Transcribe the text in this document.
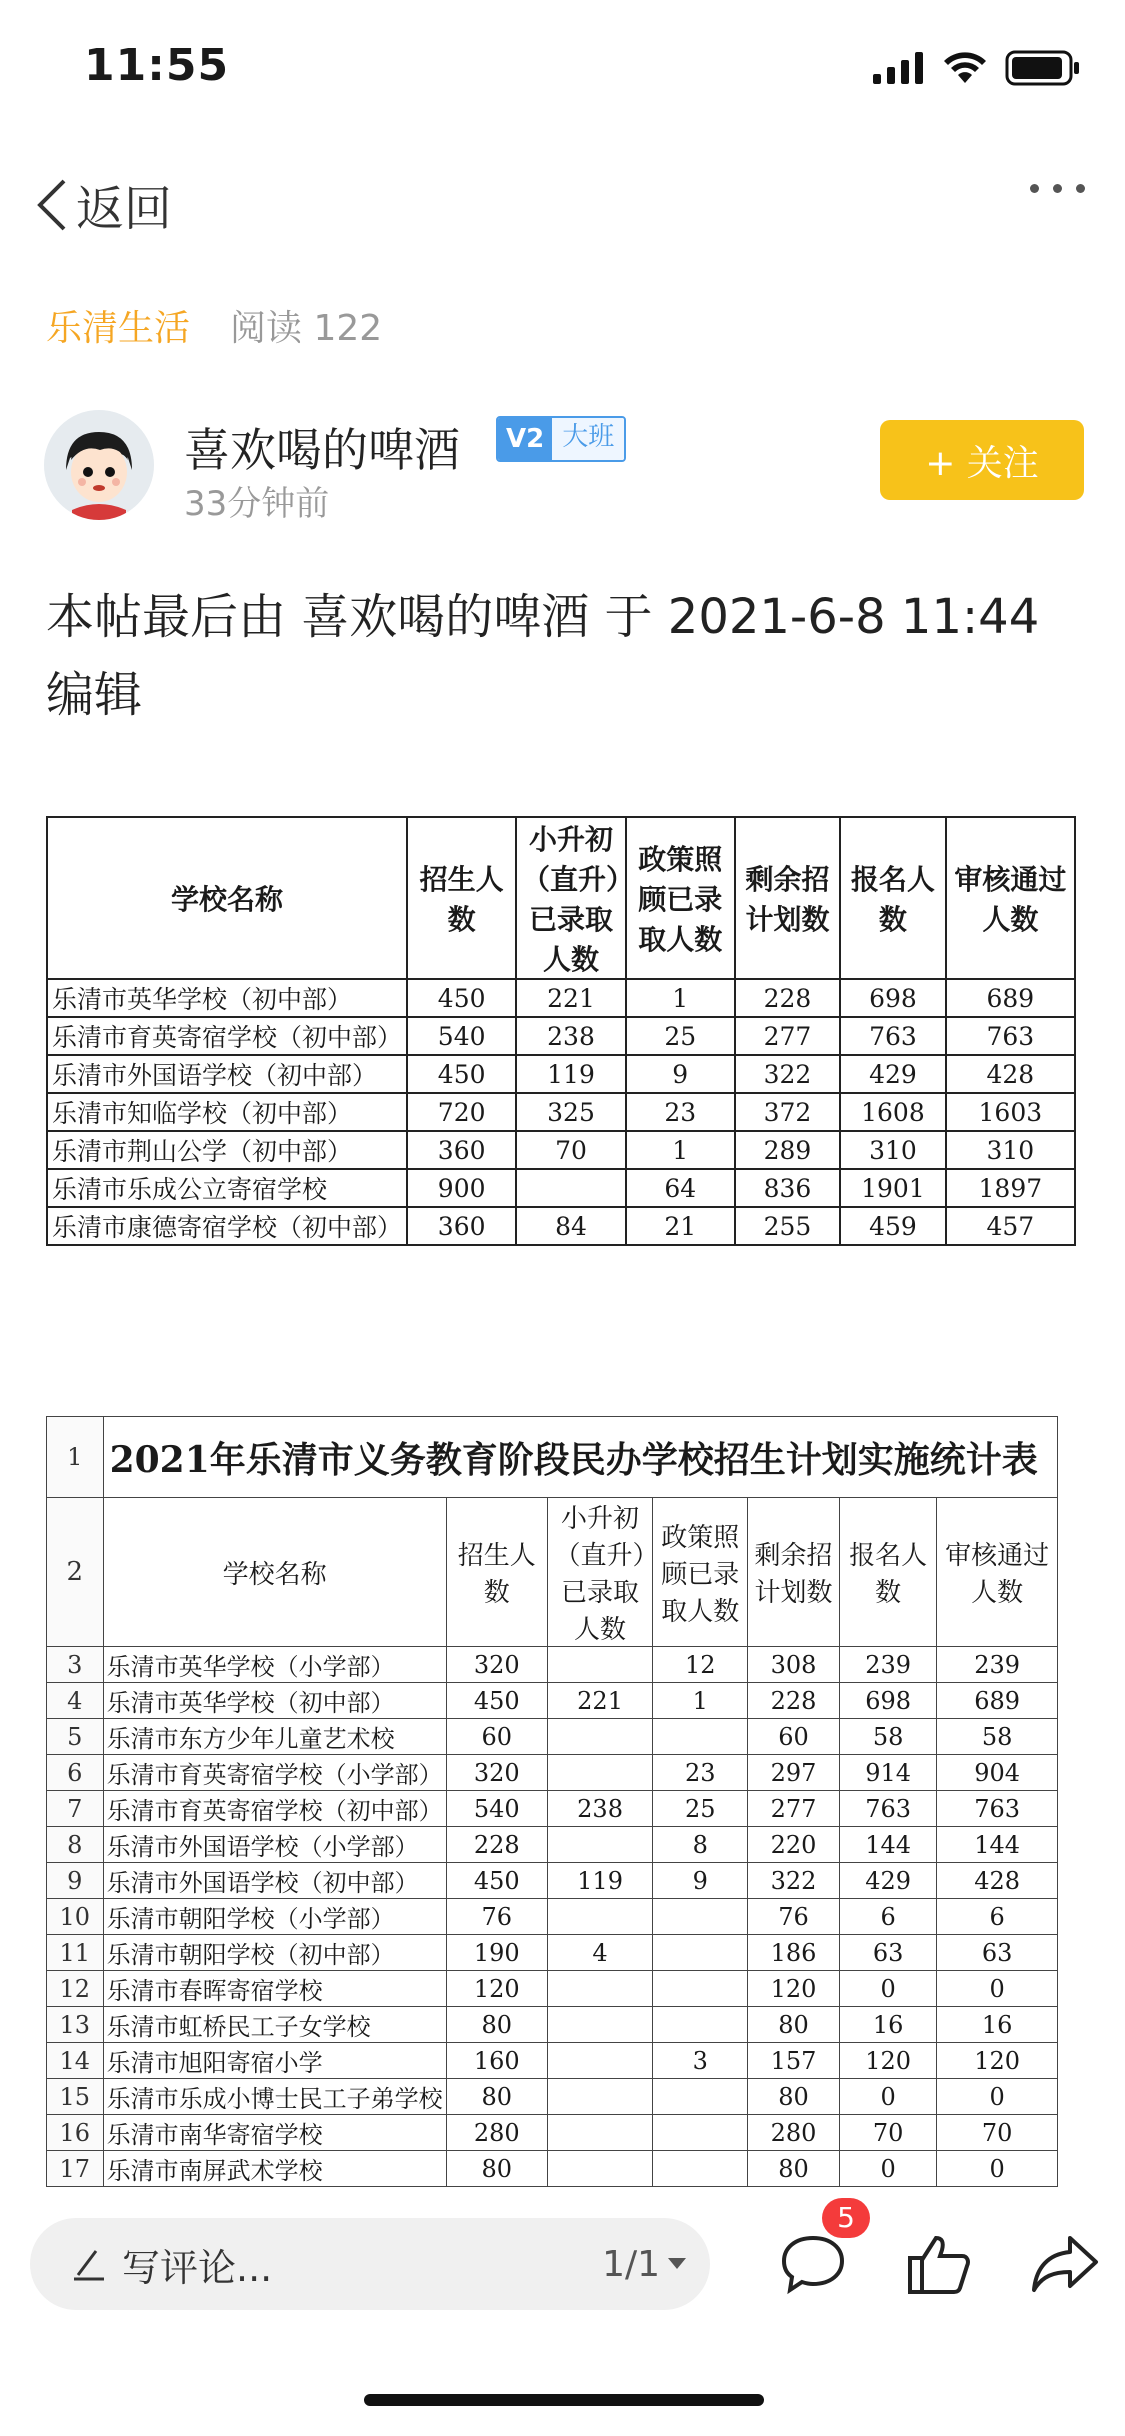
11:55
返回
乐清生活 阅读 122
喜欢喝的啤酒	V2 大班
33分钟前
+ 关注
本帖最后由 喜欢喝的啤酒 于 2021-6-8 11:44 编辑
学校名称	招生人数	小升初（直升）已录取人数	政策照顾已录取人数	剩余招计划数	报名人数	审核通过人数
乐清市英华学校（初中部）	450	221	1	228	698	689
乐清市育英寄宿学校（初中部）	540	238	25	277	763	763
乐清市外国语学校（初中部）	450	119	9	322	429	428
乐清市知临学校（初中部）	720	325	23	372	1608	1603
乐清市荆山公学（初中部）	360	70	1	289	310	310
乐清市乐成公立寄宿学校	900		64	836	1901	1897
乐清市康德寄宿学校（初中部）	360	84	21	255	459	457
1	2021年乐清市义务教育阶段民办学校招生计划实施统计表						
2	学校名称	招生人数	小升初（直升）已录取人数	政策照顾已录取人数	剩余招计划数	报名人数	审核通过人数
3	乐清市英华学校（小学部）	320		12	308	239	239
4	乐清市英华学校（初中部）	450	221	1	228	698	689
5	乐清市东方少年儿童艺术校	60			60	58	58
6	乐清市育英寄宿学校（小学部）	320		23	297	914	904
7	乐清市育英寄宿学校（初中部）	540	238	25	277	763	763
8	乐清市外国语学校（小学部）	228		8	220	144	144
9	乐清市外国语学校（初中部）	450	119	9	322	429	428
10	乐清市朝阳学校（小学部）	76			76	6	6
11	乐清市朝阳学校（初中部）	190	4		186	63	63
12	乐清市春晖寄宿学校	120			120	0	0
13	乐清市虹桥民工子女学校	80			80	16	16
14	乐清市旭阳寄宿小学	160		3	157	120	120
15	乐清市乐成小博士民工子弟学校	80			80	0	0
16	乐清市南华寄宿学校	280			280	70	70
17	乐清市南屏武术学校	80			80	0	0
写评论...	1/1
5
